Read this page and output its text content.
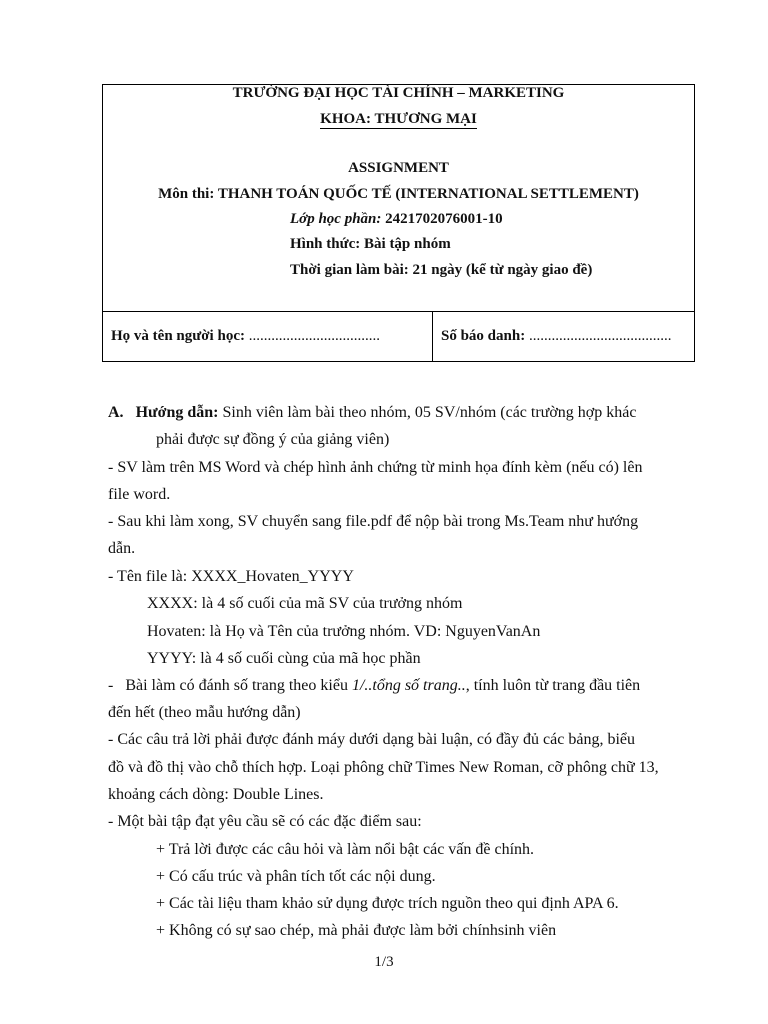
TRƯỜNG ĐẠI HỌC TÀI CHÍNH – MARKETING
KHOA: THƯƠNG MẠI
ASSIGNMENT
Môn thi: THANH TOÁN QUỐC TẾ (INTERNATIONAL SETTLEMENT)
Lớp học phần: 2421702076001-10
Hình thức: Bài tập nhóm
Thời gian làm bài: 21 ngày (kể từ ngày giao đề)
Họ và tên người học: ...................................	Số báo danh: ......................................
A. Hướng dẫn: Sinh viên làm bài theo nhóm, 05 SV/nhóm (các trường hợp khác
phải được sự đồng ý của giảng viên)
- SV làm trên MS Word và chép hình ảnh chứng từ minh họa đính kèm (nếu có) lên
file word.
- Sau khi làm xong, SV chuyển sang file.pdf để nộp bài trong Ms.Team như hướng
dẫn.
- Tên file là: XXXX_Hovaten_YYYY
XXXX: là 4 số cuối của mã SV của trưởng nhóm
Hovaten: là Họ và Tên của trưởng nhóm. VD: NguyenVanAn
YYYY: là 4 số cuối cùng của mã học phần
-   Bài làm có đánh số trang theo kiểu 1/..tổng số trang.., tính luôn từ trang đầu tiên
đến hết (theo mẫu hướng dẫn)
- Các câu trả lời phải được đánh máy dưới dạng bài luận, có đầy đủ các bảng, biểu
đồ và đồ thị vào chỗ thích hợp. Loại phông chữ Times New Roman, cỡ phông chữ 13,
khoảng cách dòng: Double Lines.
- Một bài tập đạt yêu cầu sẽ có các đặc điểm sau:
+ Trả lời được các câu hỏi và làm nổi bật các vấn đề chính.
+ Có cấu trúc và phân tích tốt các nội dung.
+ Các tài liệu tham khảo sử dụng được trích nguồn theo qui định APA 6.
+ Không có sự sao chép, mà phải được làm bởi chínhsinh viên
1/3
